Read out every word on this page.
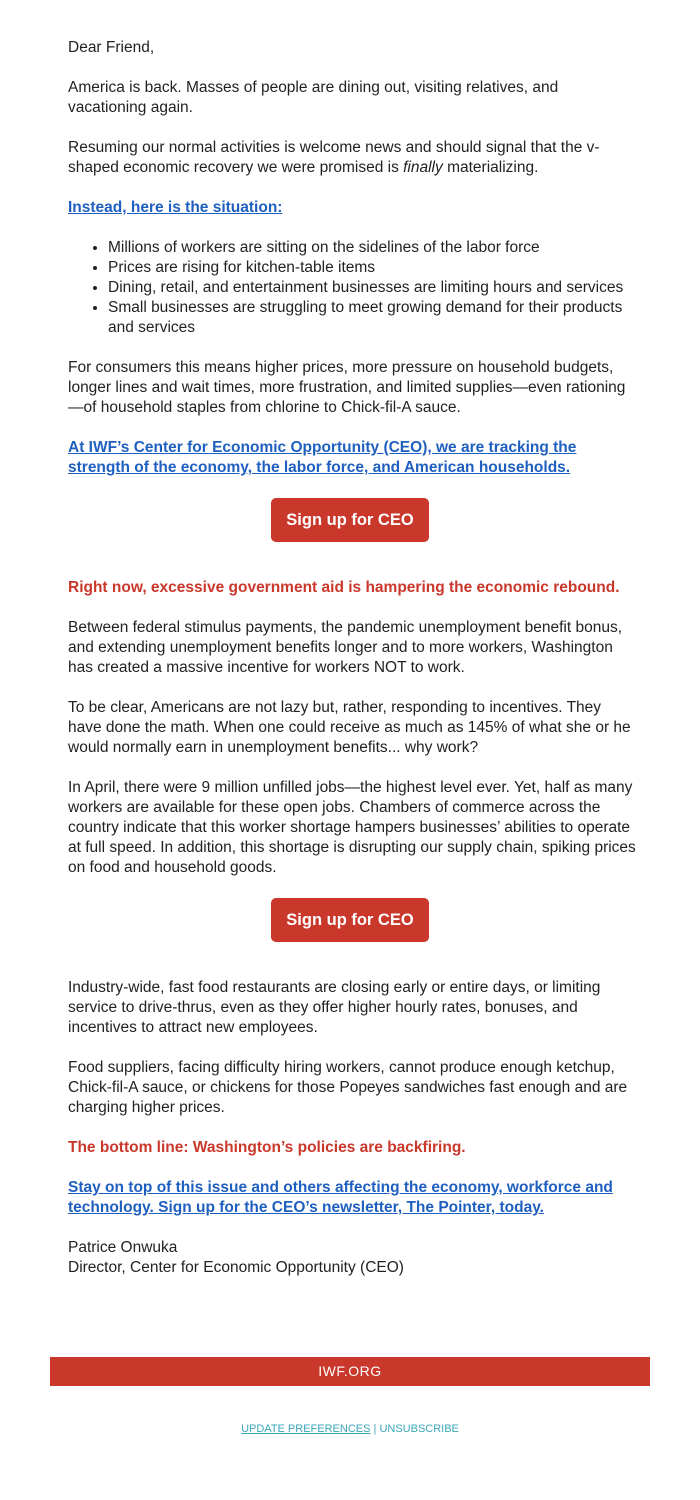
Dear Friend,

America is back. Masses of people are dining out, visiting relatives, and vacationing again.

Resuming our normal activities is welcome news and should signal that the v-shaped economic recovery we were promised is finally materializing.

Instead, here is the situation:

• Millions of workers are sitting on the sidelines of the labor force
• Prices are rising for kitchen-table items
• Dining, retail, and entertainment businesses are limiting hours and services
• Small businesses are struggling to meet growing demand for their products and services

For consumers this means higher prices, more pressure on household budgets, longer lines and wait times, more frustration, and limited supplies—even rationing—of household staples from chlorine to Chick-fil-A sauce.

At IWF’s Center for Economic Opportunity (CEO), we are tracking the strength of the economy, the labor force, and American households.

Sign up for CEO

Right now, excessive government aid is hampering the economic rebound.

Between federal stimulus payments, the pandemic unemployment benefit bonus, and extending unemployment benefits longer and to more workers, Washington has created a massive incentive for workers NOT to work.

To be clear, Americans are not lazy but, rather, responding to incentives. They have done the math. When one could receive as much as 145% of what she or he would normally earn in unemployment benefits... why work?

In April, there were 9 million unfilled jobs—the highest level ever. Yet, half as many workers are available for these open jobs. Chambers of commerce across the country indicate that this worker shortage hampers businesses’ abilities to operate at full speed. In addition, this shortage is disrupting our supply chain, spiking prices on food and household goods.

Sign up for CEO

Industry-wide, fast food restaurants are closing early or entire days, or limiting service to drive-thrus, even as they offer higher hourly rates, bonuses, and incentives to attract new employees.

Food suppliers, facing difficulty hiring workers, cannot produce enough ketchup, Chick-fil-A sauce, or chickens for those Popeyes sandwiches fast enough and are charging higher prices.

The bottom line: Washington’s policies are backfiring.

Stay on top of this issue and others affecting the economy, workforce and technology. Sign up for the CEO’s newsletter, The Pointer, today.

Patrice Onwuka
Director, Center for Economic Opportunity (CEO)

IWF.ORG
UPDATE PREFERENCES | UNSUBSCRIBE
